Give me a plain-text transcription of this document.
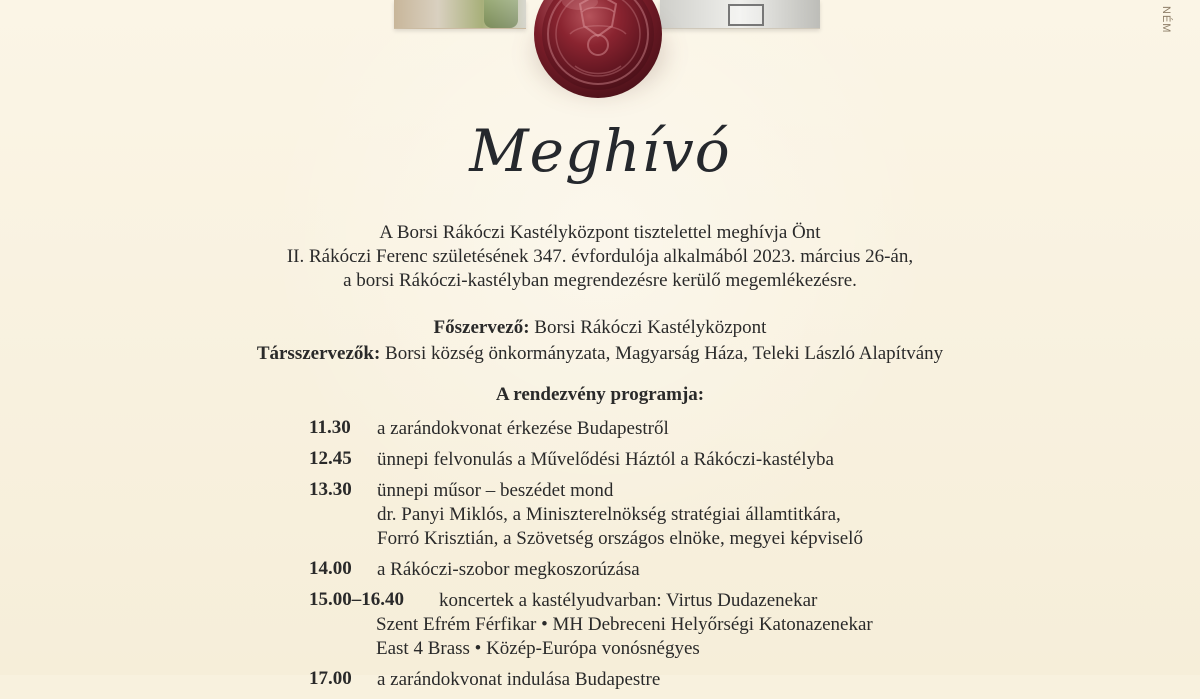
NÉM
Meghívó
A Borsi Rákóczi Kastélyközpont tisztelettel meghívja Önt
II. Rákóczi Ferenc születésének 347. évfordulója alkalmából 2023. március 26-án,
a borsi Rákóczi-kastélyban megrendezésre kerülő megemlékezésre.
Főszervező: Borsi Rákóczi Kastélyközpont
Társszervezők: Borsi község önkormányzata, Magyarság Háza, Teleki László Alapítvány
A rendezvény programja:
11.30 a zarándokvonat érkezése Budapestről
12.45 ünnepi felvonulás a Művelődési Háztól a Rákóczi-kastélyba
13.30 ünnepi műsor – beszédet mond
dr. Panyi Miklós, a Miniszterelnökség stratégiai államtitkára,
Forró Krisztián, a Szövetség országos elnöke, megyei képviselő
14.00 a Rákóczi-szobor megkoszorúzása
15.00–16.40 koncertek a kastélyudvarban: Virtus Dudazenekar
Szent Efrém Férfikar • MH Debreceni Helyőrségi Katonazenekar
East 4 Brass • Közép-Európa vonósnégyes
17.00 a zarándokvonat indulása Budapestre
